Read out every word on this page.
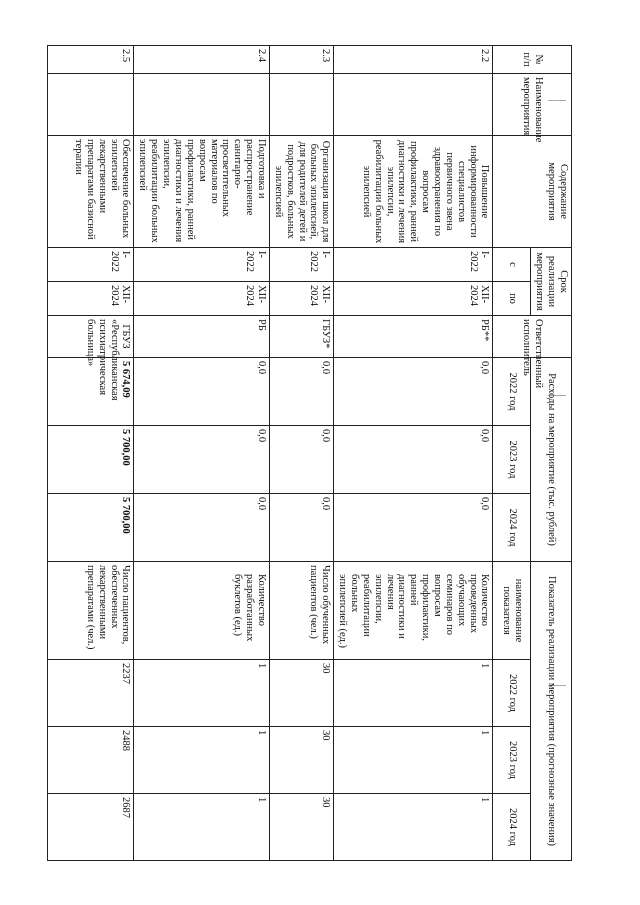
№ п/п	Наименование мероприятия	Содержание мероприятия	Срок реализации мероприятия		Ответственный исполнитель	Расходы на мероприятие (тыс. рублей)			Показатель реализации мероприятия (прогнозные значения)			
			с	по		2022 год	2023 год	2024 год	наименование показателя	2022 год	2023 год	2024 год
2.2		Повышение информированности специалистов первичного звена здравоохранения по вопросам профилактики, ранней диагностики и лечения эпилепсии, реабилитации больных эпилепсией	I-2022	XII-2024	РБ**	0,0	0,0	0,0	Количество проведенных обучающих семинаров по вопросам профилактики, ранней диагностики и лечения эпилепсии, реабилитации больных эпилепсией (ед.)	1	1	1
2.3		Организация школ для больных эпилепсией, для родителей детей и подростков, больных эпилепсией	I-2022	XII-2024	ГБУЗ*	0,0	0,0	0,0	Число обученных пациентов (чел.)	30	30	30
2.4		Подготовка и распространение санитарно-просветительных материалов по вопросам профилактики, ранней диагностики и лечения эпилепсии, реабилитации больных эпилепсией	I-2022	XII-2024	РБ	0,0	0,0	0,0	Количество разработанных буклетов (ед.)	1	1	1
2.5		Обеспечение больных эпилепсией лекарственными препаратами базисной терапии	I-2022	XII-2024	ГБУЗ «Республиканская психиатрическая больница»	5 674,09	5 700,00	5 700,00	Число пациентов, обеспеченных лекарственными препаратами (чел.)	2237	2488	2687
